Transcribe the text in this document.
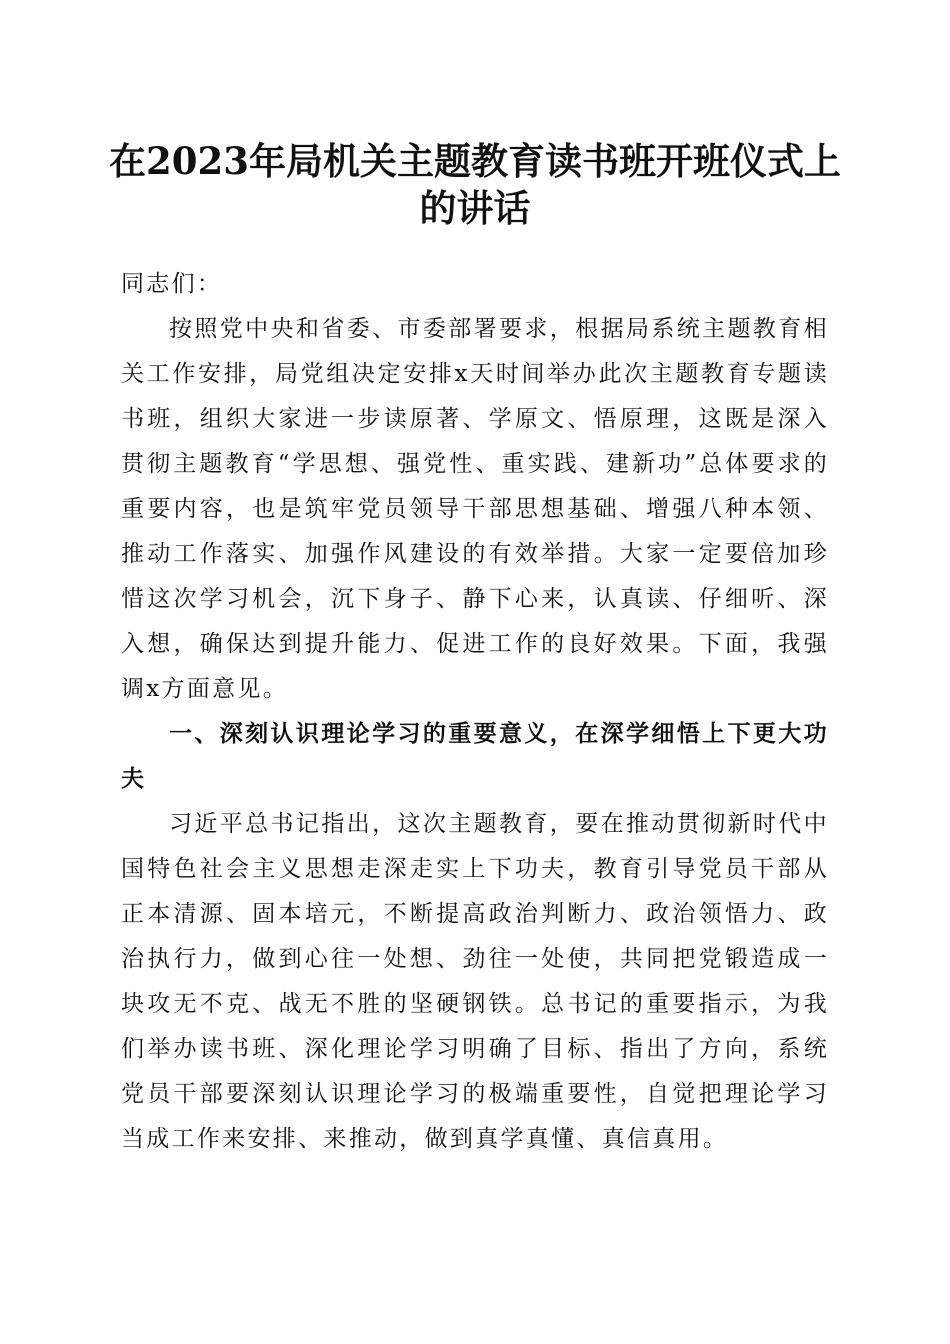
在2023年局机关主题教育读书班开班仪式上的讲话

同志们：

按照党中央和省委、市委部署要求，根据局系统主题教育相关工作安排，局党组决定安排x天时间举办此次主题教育专题读书班，组织大家进一步读原著、学原文、悟原理，这既是深入贯彻主题教育“学思想、强党性、重实践、建新功”总体要求的重要内容，也是筑牢党员领导干部思想基础、增强八种本领、推动工作落实、加强作风建设的有效举措。大家一定要倍加珍惜这次学习机会，沉下身子、静下心来，认真读、仔细听、深入想，确保达到提升能力、促进工作的良好效果。下面，我强调x方面意见。

一、深刻认识理论学习的重要意义，在深学细悟上下更大功夫

习近平总书记指出，这次主题教育，要在推动贯彻新时代中国特色社会主义思想走深走实上下功夫，教育引导党员干部从正本清源、固本培元，不断提高政治判断力、政治领悟力、政治执行力，做到心往一处想、劲往一处使，共同把党锻造成一块攻无不克、战无不胜的坚硬钢铁。总书记的重要指示，为我们举办读书班、深化理论学习明确了目标、指出了方向，系统党员干部要深刻认识理论学习的极端重要性，自觉把理论学习当成工作来安排、来推动，做到真学真懂、真信真用。
